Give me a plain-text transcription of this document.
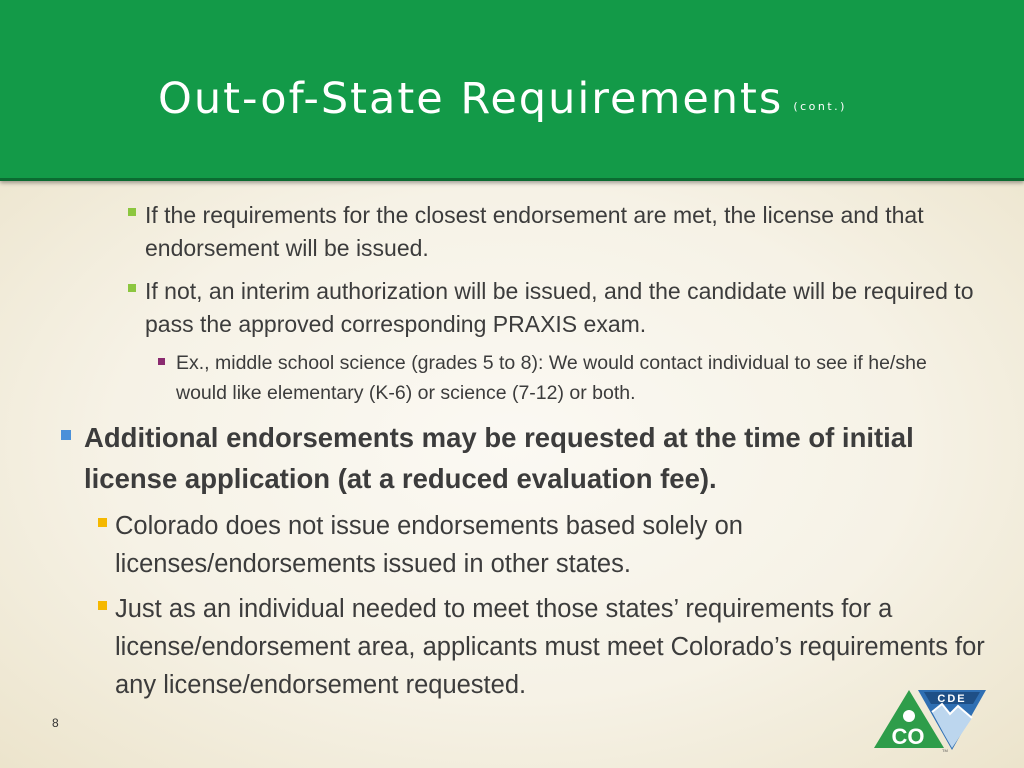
Out-of-State Requirements (cont.)
If the requirements for the closest endorsement are met, the license and that endorsement will be issued.
If not, an interim authorization will be issued, and the candidate will be required to pass the approved corresponding PRAXIS exam.
Ex., middle school science (grades 5 to 8): We would contact individual to see if he/she would like elementary (K-6) or science (7-12) or both.
Additional endorsements may be requested at the time of initial license application (at a reduced evaluation fee).
Colorado does not issue endorsements based solely on licenses/endorsements issued in other states.
Just as an individual needed to meet those states’ requirements for a license/endorsement area, applicants must meet Colorado’s requirements for any license/endorsement requested.
8
CDE
CO
TM
